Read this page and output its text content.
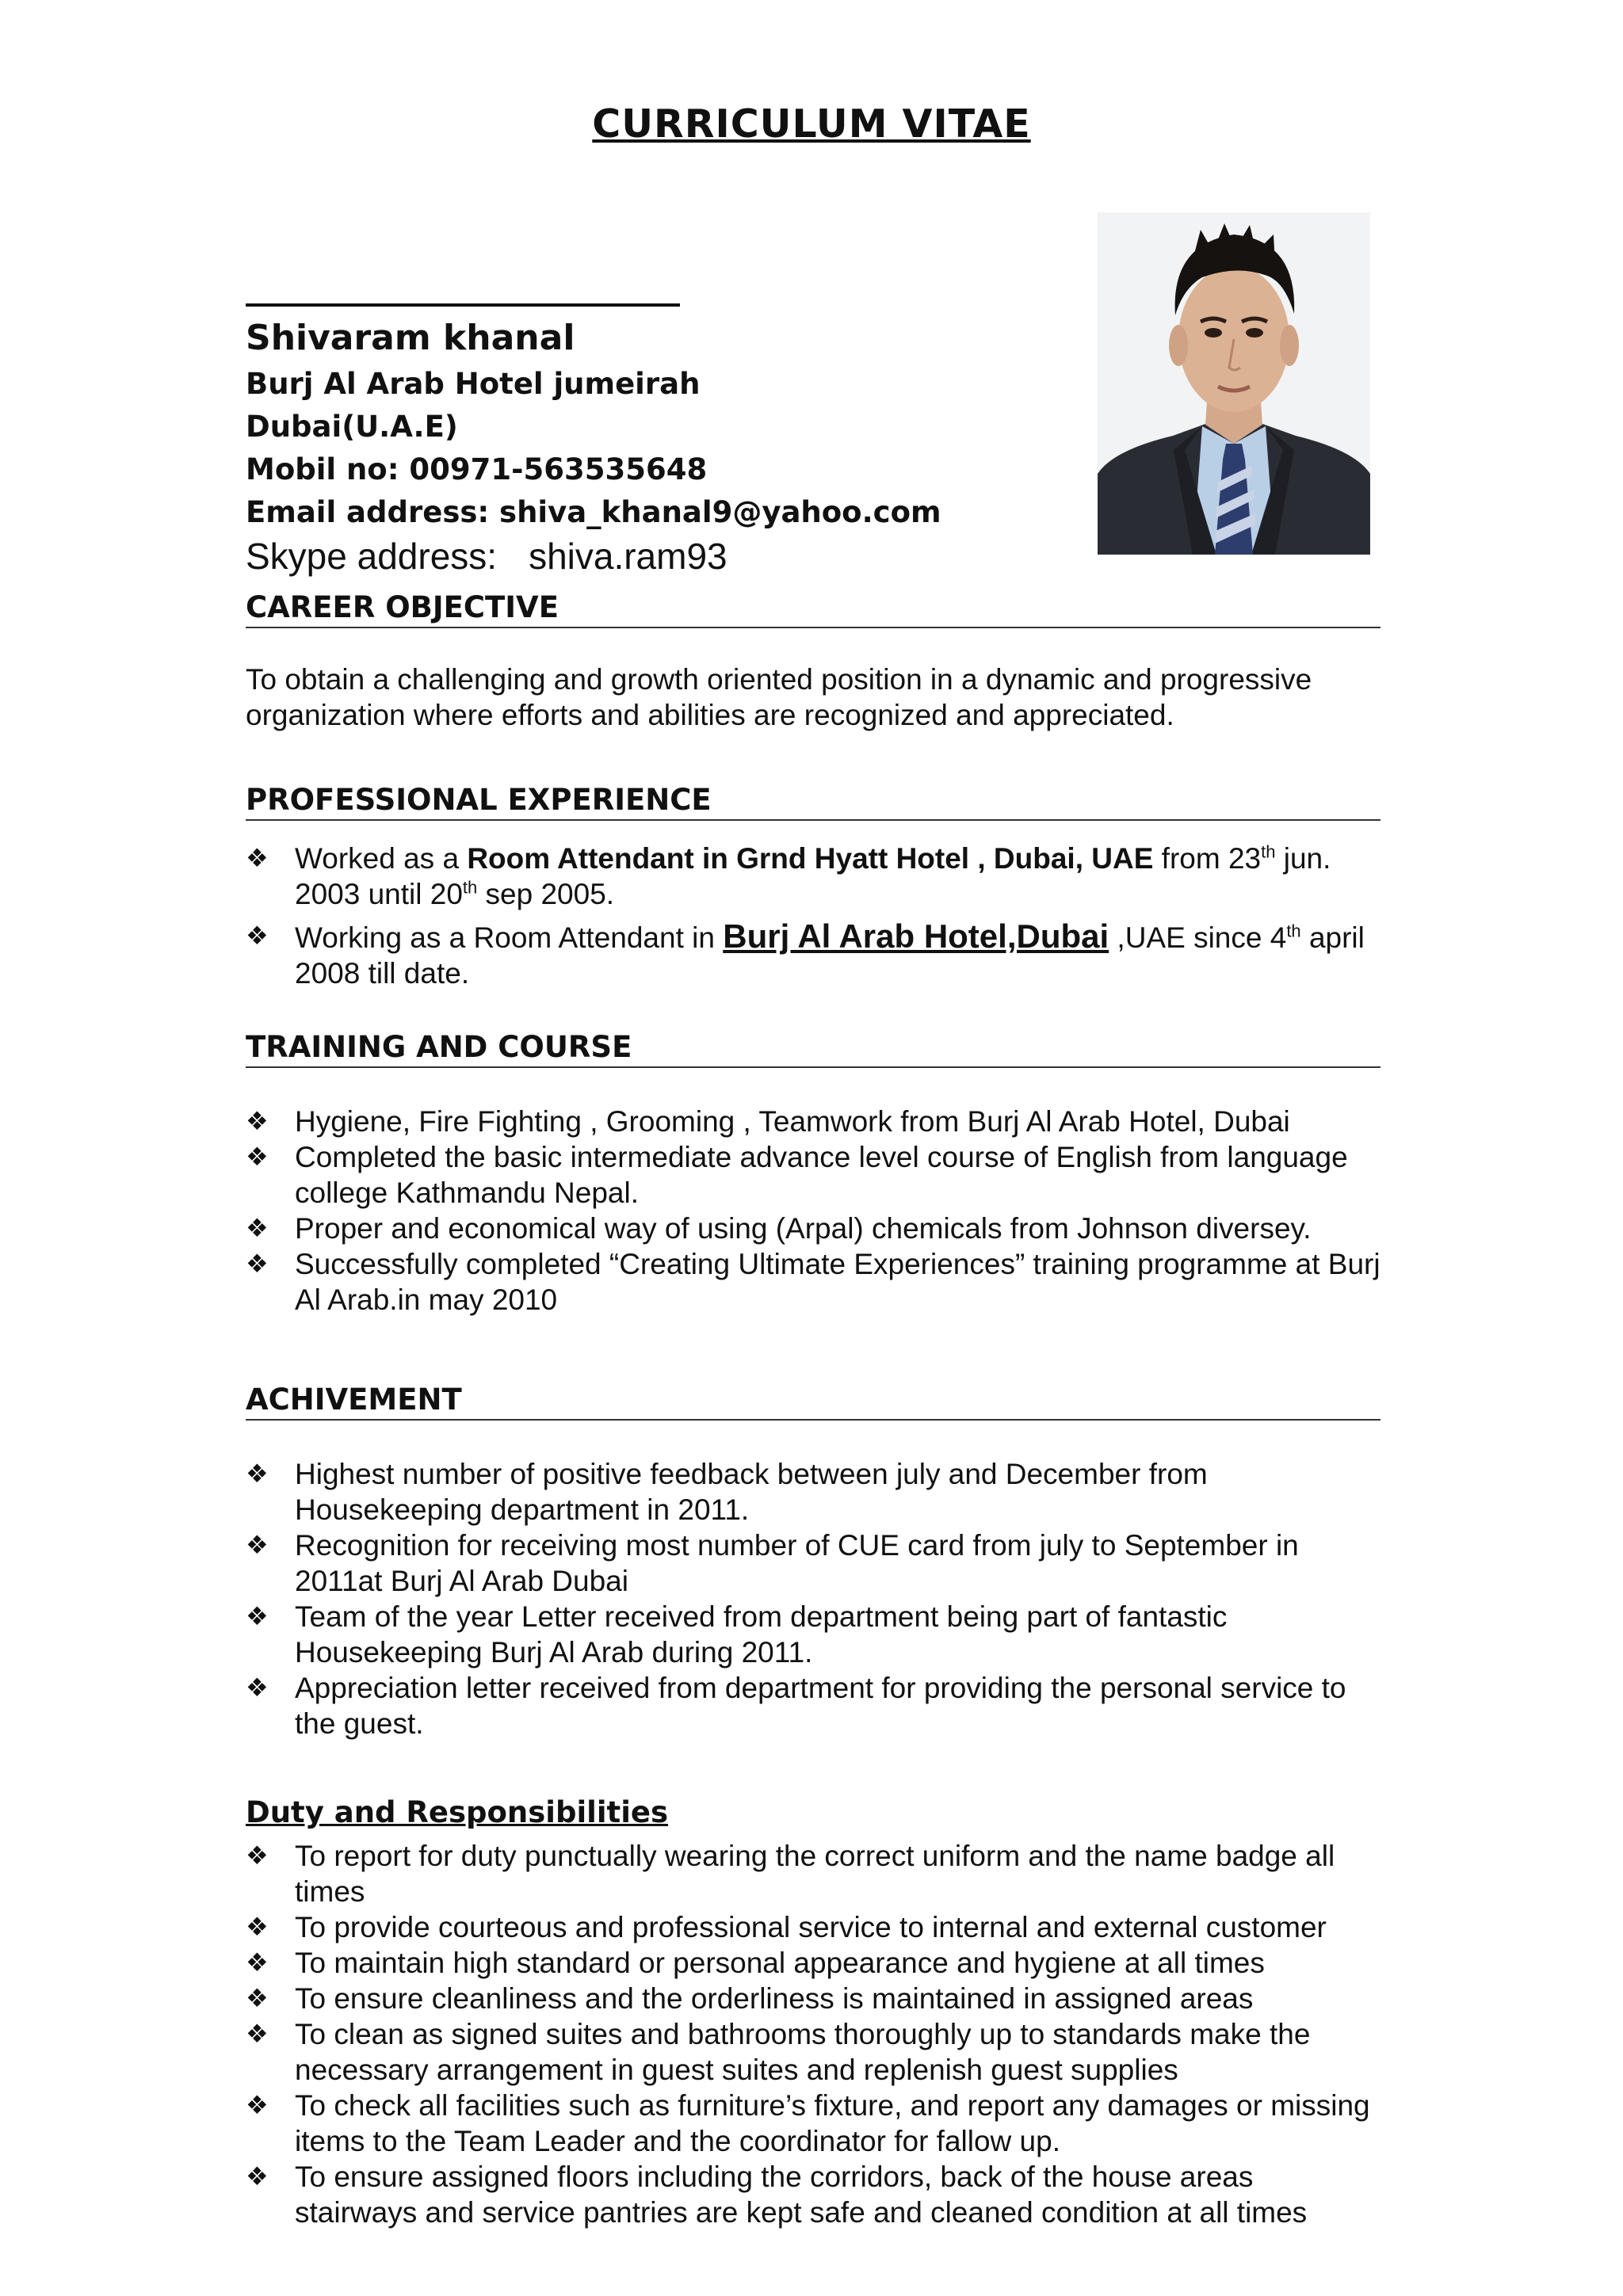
CURRICULUM VITAE
Shivaram khanal
Burj Al Arab Hotel jumeirah
Dubai(U.A.E)
Mobil no: 00971-563535648
Email address: shiva_khanal9@yahoo.com
Skype address: shiva.ram93
CAREER OBJECTIVE
To obtain a challenging and growth oriented position in a dynamic and progressive organization where efforts and abilities are recognized and appreciated.
PROFESSIONAL EXPERIENCE
❖ Worked as a Room Attendant in Grnd Hyatt Hotel , Dubai, UAE from 23th jun. 2003 until 20th sep 2005.
❖ Working as a Room Attendant in Burj Al Arab Hotel,Dubai ,UAE since 4th april 2008 till date.
TRAINING AND COURSE
❖ Hygiene, Fire Fighting , Grooming , Teamwork from Burj Al Arab Hotel, Dubai
❖ Completed the basic intermediate advance level course of English from language college Kathmandu Nepal.
❖ Proper and economical way of using (Arpal) chemicals from Johnson diversey.
❖ Successfully completed “Creating Ultimate Experiences” training programme at Burj Al Arab.in may 2010
ACHIVEMENT
❖ Highest number of positive feedback between july and December from Housekeeping department in 2011.
❖ Recognition for receiving most number of CUE card from july to September in 2011at Burj Al Arab Dubai
❖ Team of the year Letter received from department being part of fantastic Housekeeping Burj Al Arab during 2011.
❖ Appreciation letter received from department for providing the personal service to the guest.
Duty and Responsibilities
❖ To report for duty punctually wearing the correct uniform and the name badge all times
❖ To provide courteous and professional service to internal and external customer
❖ To maintain high standard or personal appearance and hygiene at all times
❖ To ensure cleanliness and the orderliness is maintained in assigned areas
❖ To clean as signed suites and bathrooms thoroughly up to standards make the necessary arrangement in guest suites and replenish guest supplies
❖ To check all facilities such as furniture’s fixture, and report any damages or missing items to the Team Leader and the coordinator for fallow up.
❖ To ensure assigned floors including the corridors, back of the house areas stairways and service pantries are kept safe and cleaned condition at all times
